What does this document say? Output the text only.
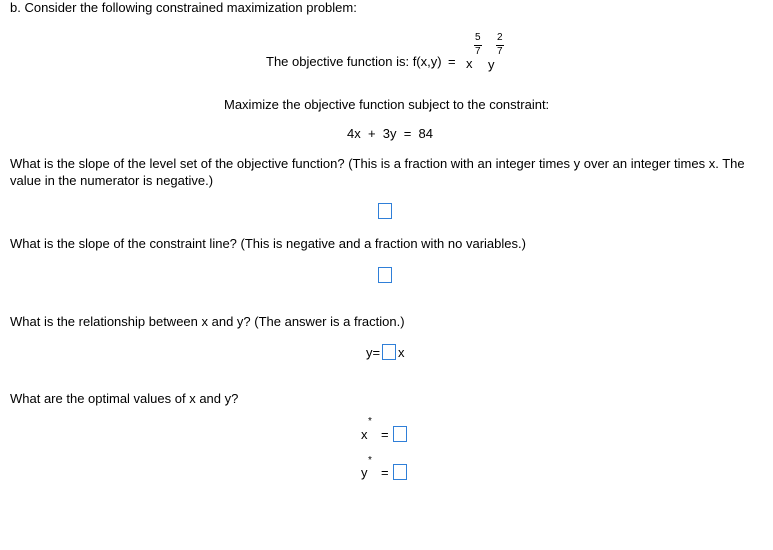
b. Consider the following constrained maximization problem:
The objective function is: f(x,y) =
5
7
x
2
7
y
Maximize the objective function subject to the constraint:
4x  +  3y  =  84
What is the slope of the level set of the objective function? (This is a fraction with an integer times y over an integer times x. The value in the numerator is negative.)
What is the slope of the constraint line? (This is negative and a fraction with no variables.)
What is the relationship between x and y? (The answer is a fraction.)
y= x
What are the optimal values of x and y?
*
x =
*
y =
